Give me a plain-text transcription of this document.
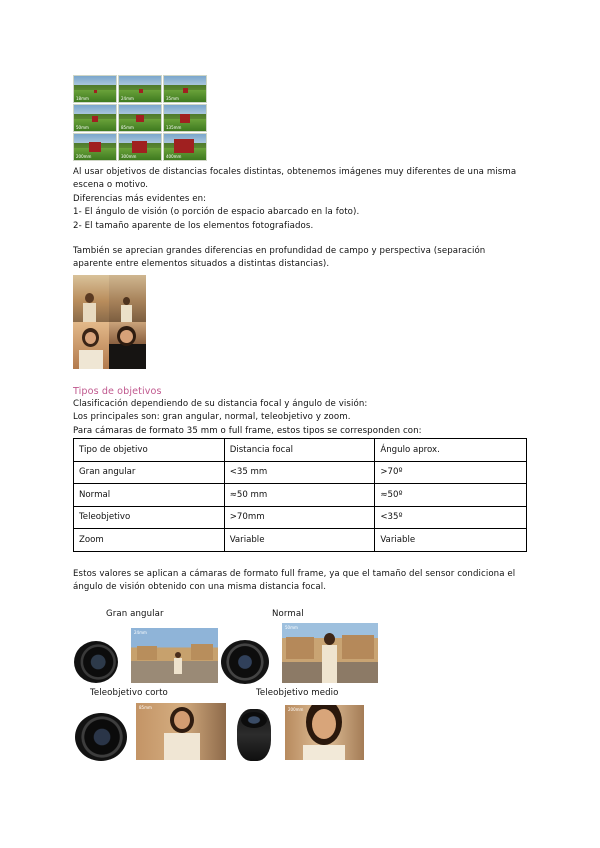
18mm	24mm	35mm
50mm	85mm	135mm
200mm	300mm	400mm
Al usar objetivos de distancias focales distintas, obtenemos imágenes muy diferentes de una misma
escena o motivo.
Diferencias más evidentes en:
1- El ángulo de visión (o porción de espacio abarcado en la foto).
2- El tamaño aparente de los elementos fotografiados.
También se aprecian grandes diferencias en profundidad de campo y perspectiva (separación
aparente entre elementos situados a distintas distancias).
Tipos de objetivos
Clasificación dependiendo de su distancia focal y ángulo de visión:
Los principales son: gran angular, normal, teleobjetivo y zoom.
Para cámaras de formato 35 mm o full frame, estos tipos se corresponden con:
Tipo de objetivo	Distancia focal	Ángulo aprox.
Gran angular	<35 mm	>70º
Normal	≈50 mm	≈50º
Teleobjetivo	>70mm	<35º
Zoom	Variable	Variable
Estos valores se aplican a cámaras de formato full frame, ya que el tamaño del sensor condiciona el
ángulo de visión obtenido con una misma distancia focal.
Gran angular	Normal
24mm
50mm
Teleobjetivo corto	Teleobjetivo medio
85mm	200mm
